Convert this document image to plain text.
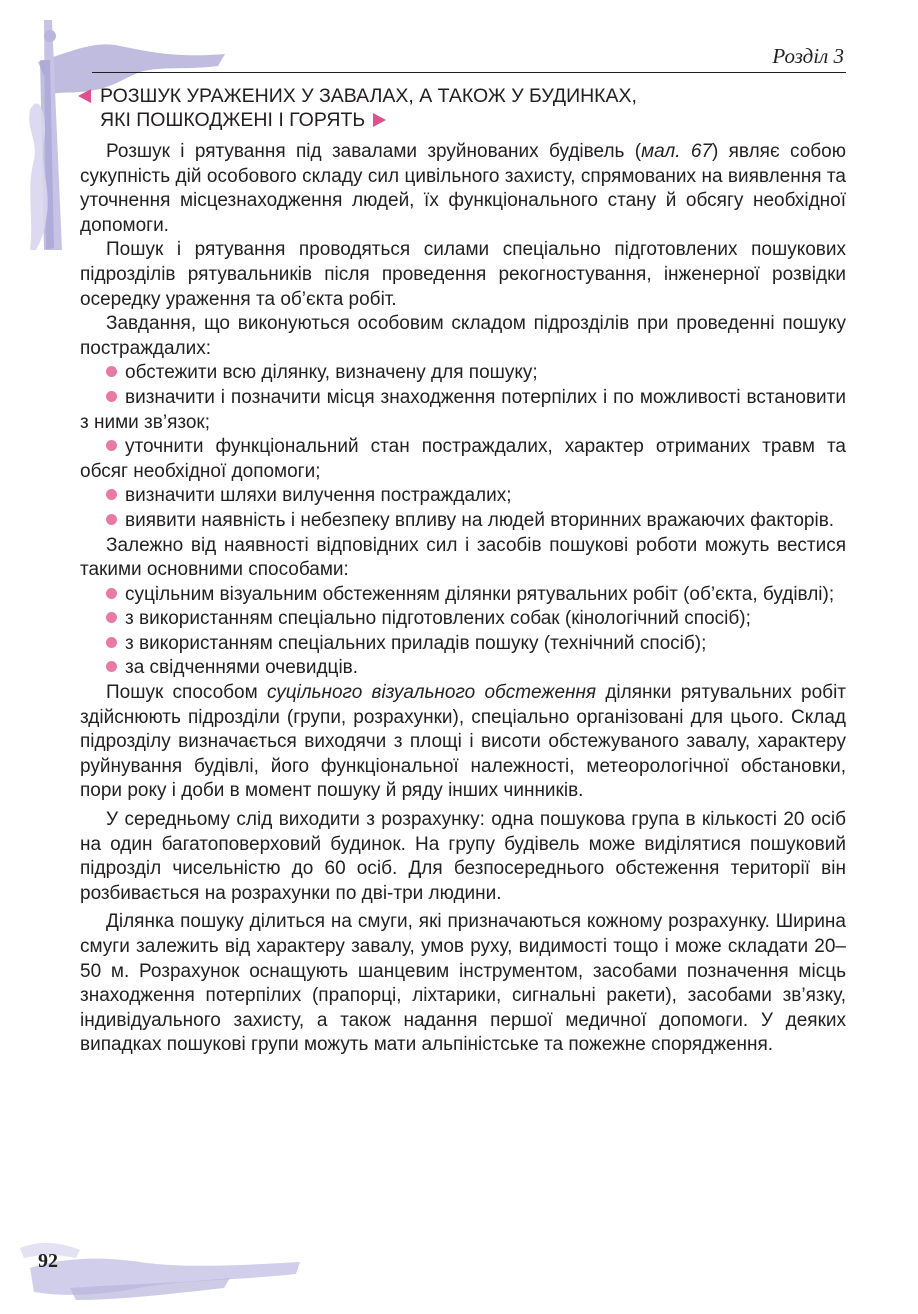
Розділ 3
РОЗШУК УРАЖЕНИХ У ЗАВАЛАХ, А ТАКОЖ У БУДИНКАХ,
ЯКІ ПОШКОДЖЕНІ І ГОРЯТЬ

Розшук і рятування під завалами зруйнованих будівель (мал. 67) являє собою сукупність дій особового складу сил цивільного захисту, спрямованих на виявлення та уточнення місцезнаходження людей, їх функціонального стану й обсягу необхідної допомоги.

Пошук і рятування проводяться силами спеціально підготовлених пошукових підрозділів рятувальників після проведення рекогностування, інженерної розвідки осередку ураження та об’єкта робіт.

Завдання, що виконуються особовим складом підрозділів при проведенні пошуку постраждалих:

обстежити всю ділянку, визначену для пошуку;

визначити і позначити місця знаходження потерпілих і по можливості встановити з ними зв’язок;

уточнити функціональний стан постраждалих, характер отриманих травм та обсяг необхідної допомоги;

визначити шляхи вилучення постраждалих;

виявити наявність і небезпеку впливу на людей вторинних вражаючих факторів.

Залежно від наявності відповідних сил і засобів пошукові роботи можуть вестися такими основними способами:

суцільним візуальним обстеженням ділянки рятувальних робіт (об’єкта, будівлі);

з використанням спеціально підготовлених собак (кінологічний спосіб);

з використанням спеціальних приладів пошуку (технічний спосіб);

за свідченнями очевидців.

Пошук способом суцільного візуального обстеження ділянки рятувальних робіт здійснюють підрозділи (групи, розрахунки), спеціально організовані для цього. Склад підрозділу визначається виходячи з площі і висоти обстежуваного завалу, характеру руйнування будівлі, його функціональної належності, метеорологічної обстановки, пори року і доби в момент пошуку й ряду інших чинників.

У середньому слід виходити з розрахунку: одна пошукова група в кількості 20 осіб на один багатоповерховий будинок. На групу будівель може виділятися пошуковий підрозділ чисельністю до 60 осіб. Для безпосереднього обстеження території він розбивається на розрахунки по дві-три людини.

Ділянка пошуку ділиться на смуги, які призначаються кожному розрахунку. Ширина смуги залежить від характеру завалу, умов руху, видимості тощо і може складати 20–50 м. Розрахунок оснащують шанцевим інструментом, засобами позначення місць знаходження потерпілих (прапорці, ліхтарики, сигнальні ракети), засобами зв’язку, індивідуального захисту, а також надання першої медичної допомоги. У деяких випадках пошукові групи можуть мати альпіністське та пожежне спорядження.

92
